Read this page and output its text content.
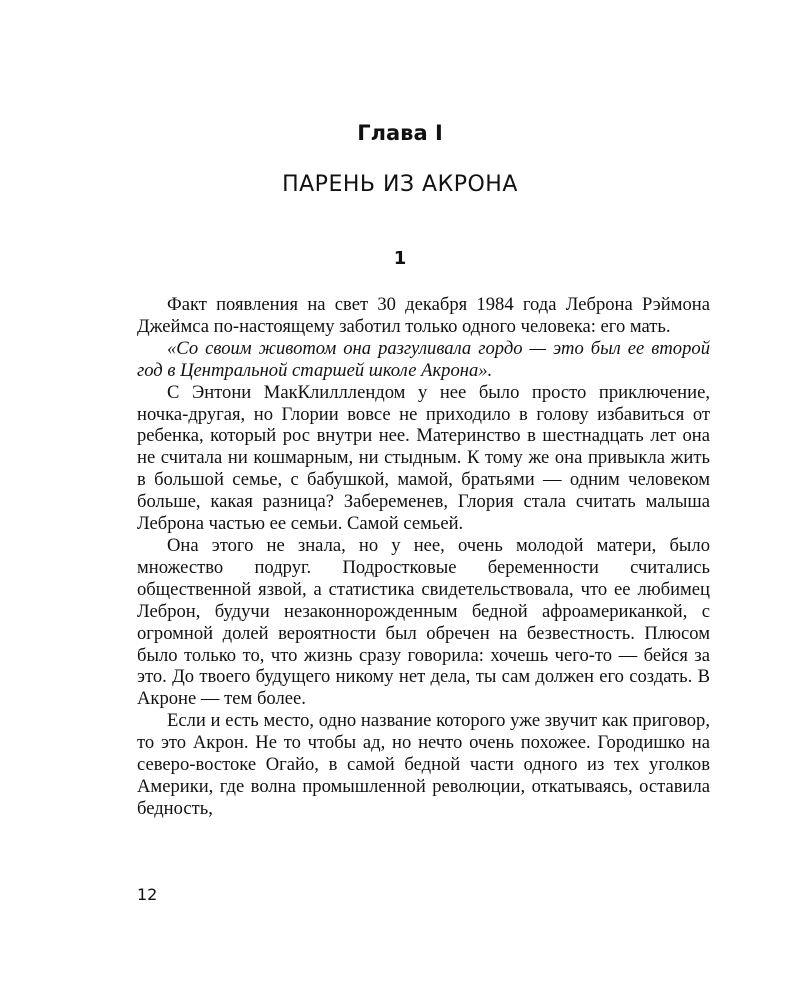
Глава I
ПАРЕНЬ ИЗ АКРОНА
1

Факт появления на свет 30 декабря 1984 года Леброна Рэймона Джеймса по-настоящему заботил только одного человека: его мать.

«Со своим животом она разгуливала гордо — это был ее второй год в Центральной старшей школе Акрона».

С Энтони МакКлилллендом у нее было просто приключение, ночка-другая, но Глории вовсе не приходило в голову избавиться от ребенка, который рос внутри нее. Материнство в шестнадцать лет она не считала ни кошмарным, ни стыдным. К тому же она привыкла жить в большой семье, с бабушкой, мамой, братьями — одним человеком больше, какая разница? Забеременев, Глория стала считать малыша Леброна частью ее семьи. Самой семьей.

Она этого не знала, но у нее, очень молодой матери, было множество подруг. Подростковые беременности считались общественной язвой, а статистика свидетельствовала, что ее любимец Леброн, будучи незаконнорожденным бедной афроамериканкой, с огромной долей вероятности был обречен на безвестность. Плюсом было только то, что жизнь сразу говорила: хочешь чего-то — бейся за это. До твоего будущего никому нет дела, ты сам должен его создать. В Акроне — тем более.

Если и есть место, одно название которого уже звучит как приговор, то это Акрон. Не то чтобы ад, но нечто очень похожее. Городишко на северо-востоке Огайо, в самой бедной части одного из тех уголков Америки, где волна промышленной революции, откатываясь, оставила бедность,

12
